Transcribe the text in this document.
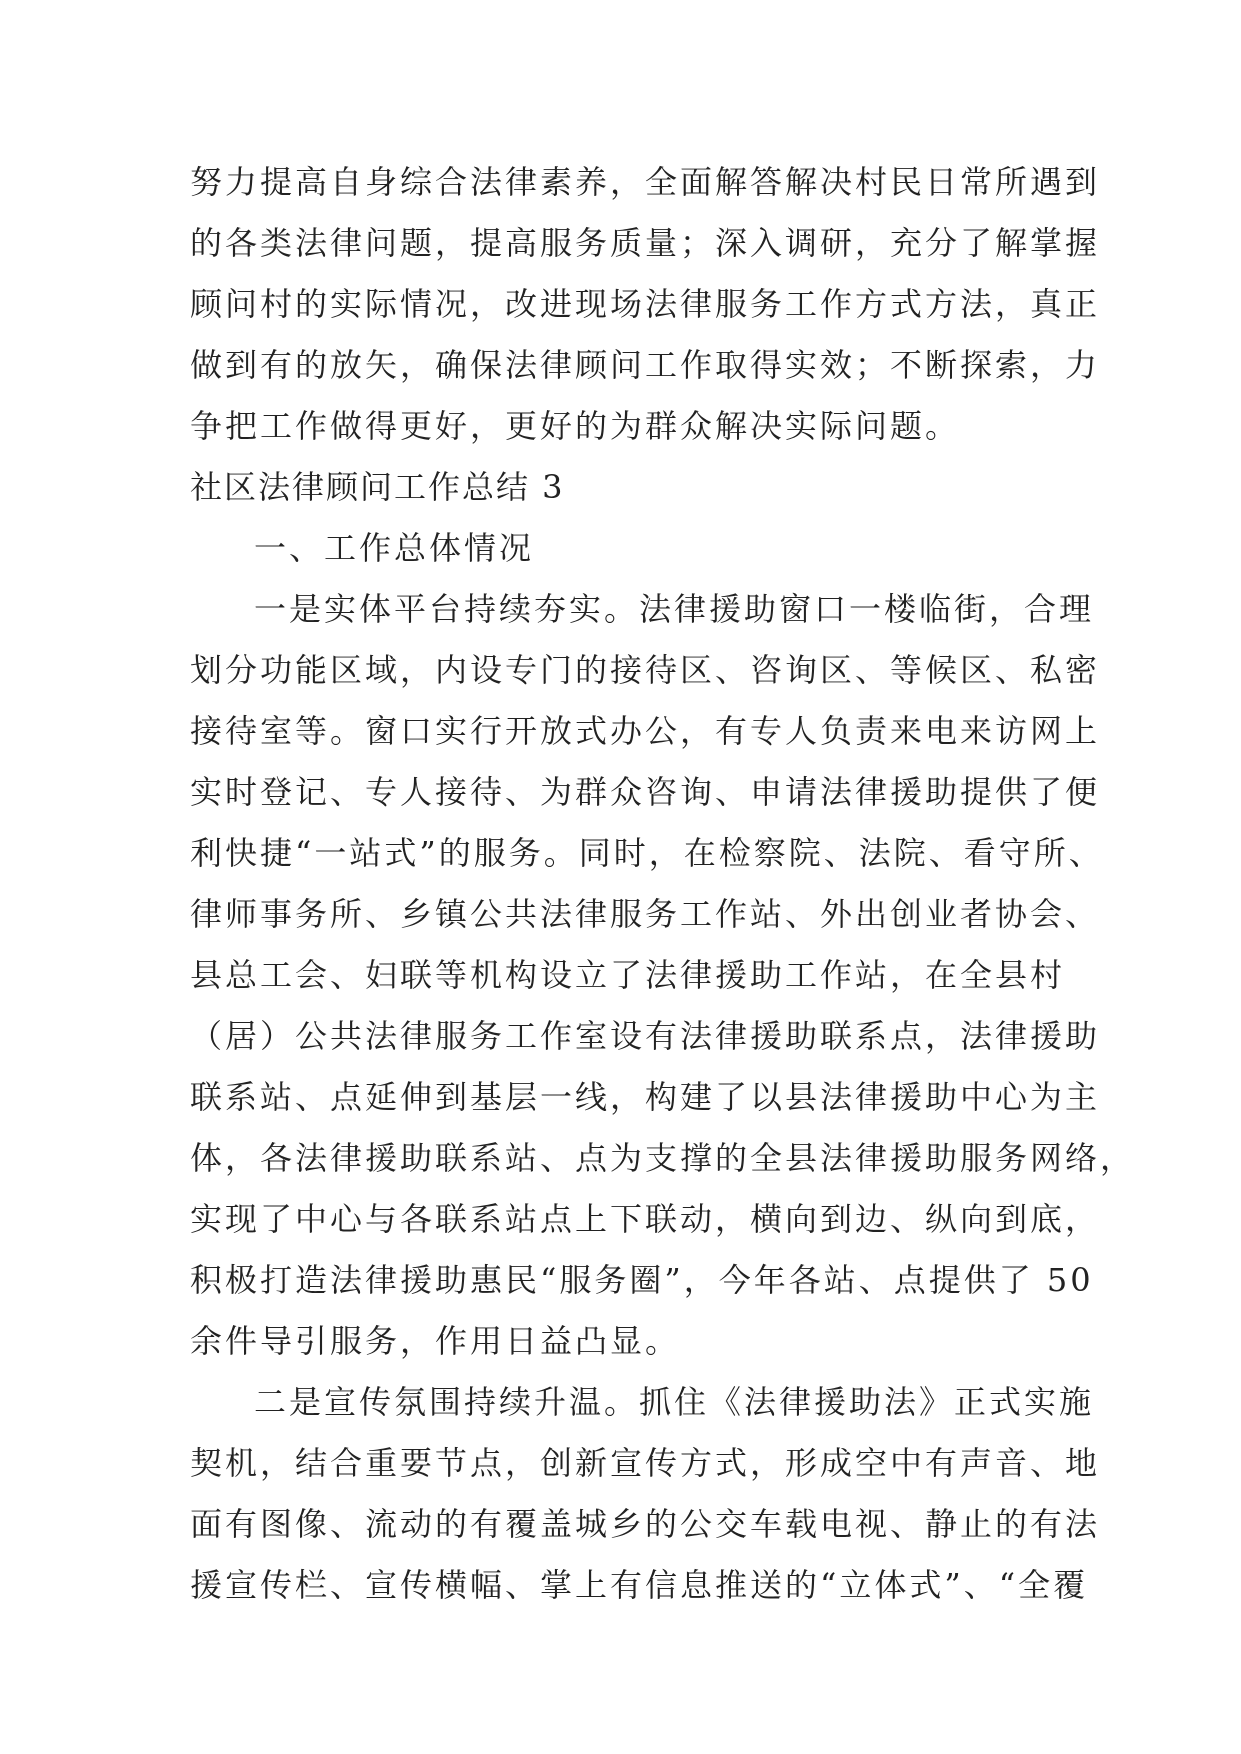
努力提高自身综合法律素养，全面解答解决村民日常所遇到
的各类法律问题，提高服务质量；深入调研，充分了解掌握
顾问村的实际情况，改进现场法律服务工作方式方法，真正
做到有的放矢，确保法律顾问工作取得实效；不断探索，力
争把工作做得更好，更好的为群众解决实际问题。
社区法律顾问工作总结 3
一、工作总体情况
一是实体平台持续夯实。法律援助窗口一楼临街，合理
划分功能区域，内设专门的接待区、咨询区、等候区、私密
接待室等。窗口实行开放式办公，有专人负责来电来访网上
实时登记、专人接待、为群众咨询、申请法律援助提供了便
利快捷“一站式”的服务。同时，在检察院、法院、看守所、
律师事务所、乡镇公共法律服务工作站、外出创业者协会、
县总工会、妇联等机构设立了法律援助工作站，在全县村
（居）公共法律服务工作室设有法律援助联系点，法律援助
联系站、点延伸到基层一线，构建了以县法律援助中心为主
体，各法律援助联系站、点为支撑的全县法律援助服务网络，
实现了中心与各联系站点上下联动，横向到边、纵向到底，
积极打造法律援助惠民“服务圈”，今年各站、点提供了 50
余件导引服务，作用日益凸显。
二是宣传氛围持续升温。抓住《法律援助法》正式实施
契机，结合重要节点，创新宣传方式，形成空中有声音、地
面有图像、流动的有覆盖城乡的公交车载电视、静止的有法
援宣传栏、宣传横幅、掌上有信息推送的“立体式”、“全覆
